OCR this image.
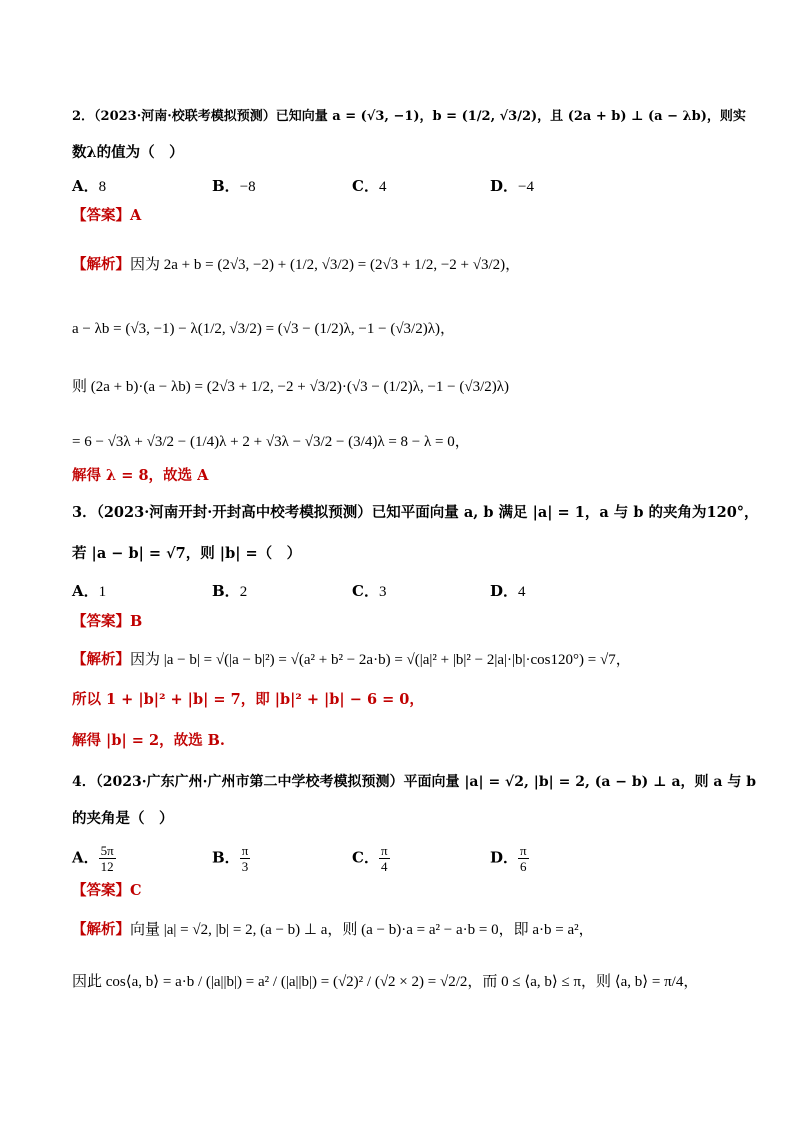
2．（2023·河南·校联考模拟预测）已知向量 a = (√3, −1)，b = (1/2, √3/2)，且 (2a + b) ⊥ (a − λb)，则实
数λ的值为（　）
A．8	B．−8	C．4	D．−4
【答案】A
【解析】因为 2a + b = (2√3, −2) + (1/2, √3/2) = (2√3 + 1/2, −2 + √3/2)，
a − λb = (√3, −1) − λ(1/2, √3/2) = (√3 − (1/2)λ, −1 − (√3/2)λ)，
则 (2a + b)·(a − λb) = (2√3 + 1/2, −2 + √3/2)·(√3 − (1/2)λ, −1 − (√3/2)λ)
= 6 − √3λ + √3/2 − (1/4)λ + 2 + √3λ − √3/2 − (3/4)λ = 8 − λ = 0，
解得 λ = 8，故选 A
3．（2023·河南开封·开封高中校考模拟预测）已知平面向量 a, b 满足 |a| = 1，a 与 b 的夹角为120°，
若 |a − b| = √7，则 |b| =（　）
A．1	B．2	C．3	D．4
【答案】B
【解析】因为 |a − b| = √(|a − b|²) = √(a² + b² − 2a·b) = √(|a|² + |b|² − 2|a|·|b|·cos120°) = √7，
所以 1 + |b|² + |b| = 7，即 |b|² + |b| − 6 = 0，
解得 |b| = 2，故选 B.
4．（2023·广东广州·广州市第二中学校考模拟预测）平面向量 |a| = √2, |b| = 2, (a − b) ⊥ a，则 a 与 b
的夹角是（　）
A． $\frac{5\pi}{12}$	B． $\frac{\pi}{3}$	C． $\frac{\pi}{4}$	D． $\frac{\pi}{6}$
【答案】C
【解析】向量 |a| = √2, |b| = 2, (a − b) ⊥ a，则 (a − b)·a = a² − a·b = 0，即 a·b = a²，
因此 cos⟨a, b⟩ = a·b / (|a||b|) = a² / (|a||b|) = (√2)² / (√2 × 2) = √2/2，而 0 ≤ ⟨a, b⟩ ≤ π，则 ⟨a, b⟩ = π/4，
